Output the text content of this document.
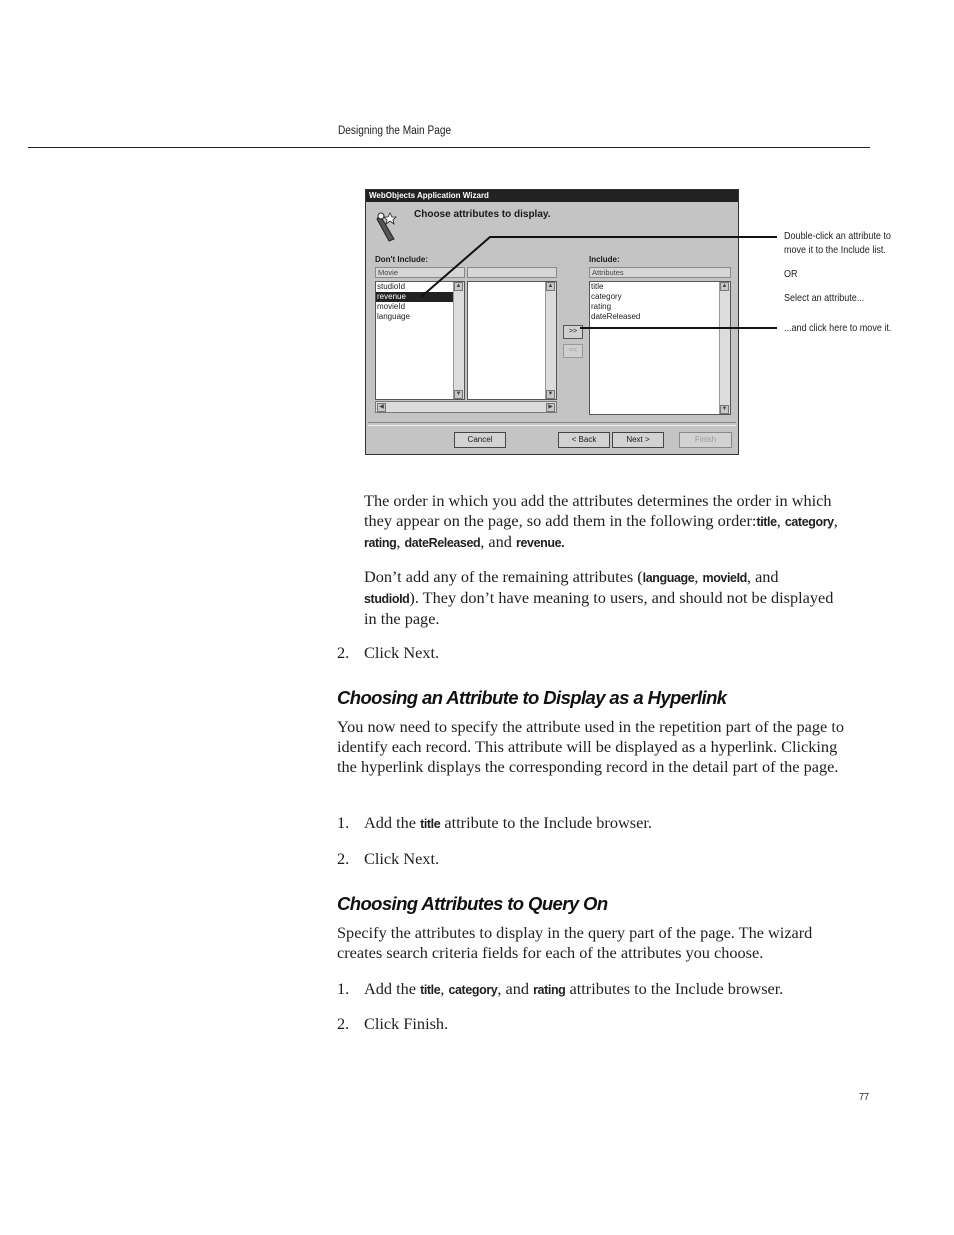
Designing the Main Page
WebObjects Application Wizard
Choose attributes to display.
Don't Include:	Include:
Movie	Attributes
studioId
revenue
movieId
language
▲
▼
▲
▼
◀	▶
>>
<<
title
category
rating
dateReleased
▲
▼
Cancel	< Back	Next >	Finish
Double-click an attribute to
move it to the Include list.
OR
Select an attribute...
...and click here to move it.
The order in which you add the attributes determines the order in which they appear on the page, so add them in the following order:title, category, rating, dateReleased, and revenue.
Don’t add any of the remaining attributes (language, movieId, and studioId). They don’t have meaning to users, and should not be displayed in the page.
2. Click Next.
Choosing an Attribute to Display as a Hyperlink
You now need to specify the attribute used in the repetition part of the page to identify each record. This attribute will be displayed as a hyperlink. Clicking the hyperlink displays the corresponding record in the detail part of the page.
1. Add the title attribute to the Include browser.
2. Click Next.
Choosing Attributes to Query On
Specify the attributes to display in the query part of the page. The wizard creates search criteria fields for each of the attributes you choose.
1. Add the title, category, and rating attributes to the Include browser.
2. Click Finish.
77
